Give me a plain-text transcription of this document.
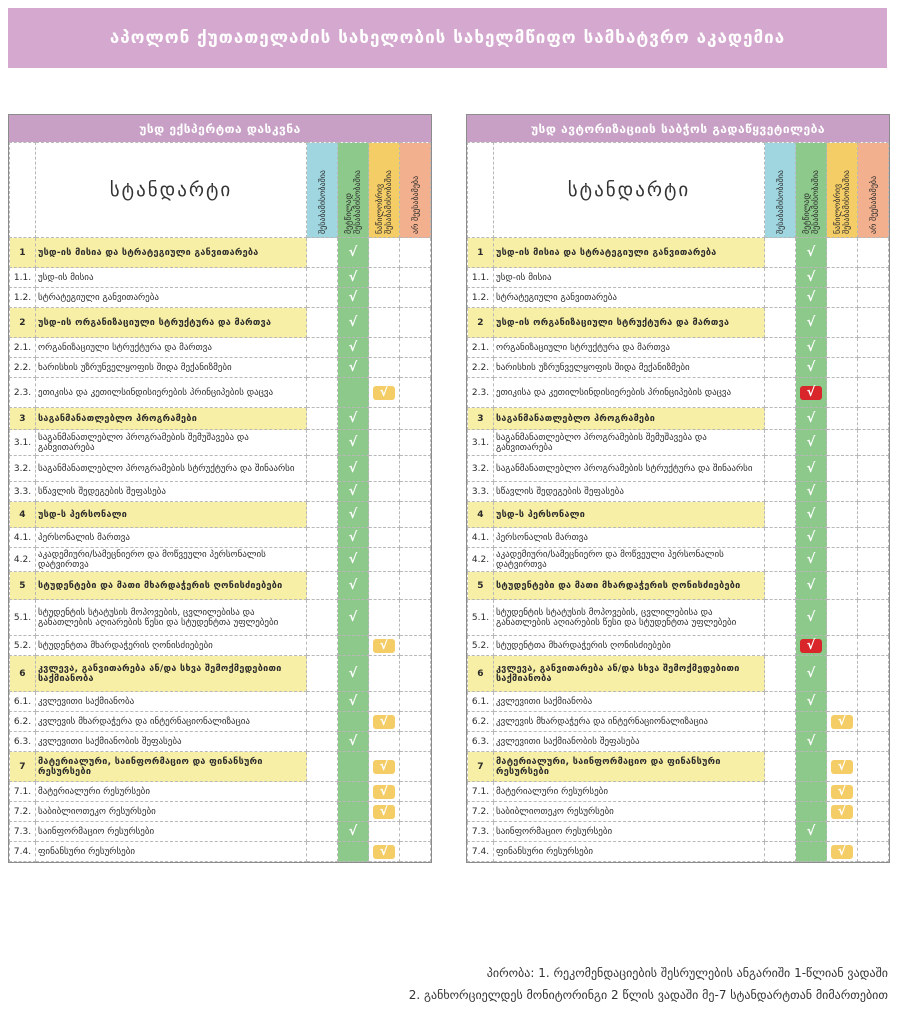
აპოლონ ქუთათელაძის სახელობის სახელმწიფო სამხატვრო აკადემია
უსდ ექსპერტთა დასკვნა
	სტანდარტი	შესაბამისობაშია	მეტწილად შესაბამისობაშია	ნაწილობრივ შესაბამისობაშია	არ შეესაბამება

1	უსდ-ის მისია და სტრატეგიული განვითარება		√		
1.1.	უსდ-ის მისია		√		
1.2.	სტრატეგიული განვითარება		√		
2	უსდ-ის ორგანიზაციული სტრუქტურა და მართვა		√		
2.1.	ორგანიზაციული სტრუქტურა და მართვა		√		
2.2.	ხარისხის უზრუნველყოფის შიდა მექანიზმები		√		
2.3.	ეთიკისა და კეთილსინდისიერების პრინციპების დაცვა			√	
3	საგანმანათლებლო პროგრამები		√		
3.1.	საგანმანათლებლო პროგრამების შემუშავება და განვითარება		√		
3.2.	საგანმანათლებლო პროგრამების სტრუქტურა და შინაარსი		√		
3.3.	სწავლის შედეგების შეფასება		√		
4	უსდ-ს პერსონალი		√		
4.1.	პერსონალის მართვა		√		
4.2.	აკადემიური/სამეცნიერო და მოწვეული პერსონალის დატვირთვა		√		
5	სტუდენტები და მათი მხარდაჭერის ღონისძიებები		√		
5.1.	სტუდენტის სტატუსის მოპოვების, ცვლილებისა და განათლების აღიარების წესი და სტუდენტთა უფლებები		√		
5.2.	სტუდენტთა მხარდაჭერის ღონისძიებები			√	
6	კვლევა, განვითარება ან/და სხვა შემოქმედებითი საქმიანობა		√		
6.1.	კვლევითი საქმიანობა		√		
6.2.	კვლევის მხარდაჭერა და ინტერნაციონალიზაცია			√	
6.3.	კვლევითი საქმიანობის შეფასება		√		
7	მატერიალური, საინფორმაციო და ფინანსური რესურსები			√	
7.1.	მატერიალური რესურსები			√	
7.2.	საბიბლიოთეკო რესურსები			√	
7.3.	საინფორმაციო რესურსები		√		
7.4.	ფინანსური რესურსები			√	
უსდ ავტორიზაციის საბჭოს გადაწყვეტილება
	სტანდარტი	შესაბამისობაშია	მეტწილად შესაბამისობაშია	ნაწილობრივ შესაბამისობაშია	არ შეესაბამება

1	უსდ-ის მისია და სტრატეგიული განვითარება		√		
1.1.	უსდ-ის მისია		√		
1.2.	სტრატეგიული განვითარება		√		
2	უსდ-ის ორგანიზაციული სტრუქტურა და მართვა		√		
2.1.	ორგანიზაციული სტრუქტურა და მართვა		√		
2.2.	ხარისხის უზრუნველყოფის შიდა მექანიზმები		√		
2.3.	ეთიკისა და კეთილსინდისიერების პრინციპების დაცვა		√		
3	საგანმანათლებლო პროგრამები		√		
3.1.	საგანმანათლებლო პროგრამების შემუშავება და განვითარება		√		
3.2.	საგანმანათლებლო პროგრამების სტრუქტურა და შინაარსი		√		
3.3.	სწავლის შედეგების შეფასება		√		
4	უსდ-ს პერსონალი		√		
4.1.	პერსონალის მართვა		√		
4.2.	აკადემიური/სამეცნიერო და მოწვეული პერსონალის დატვირთვა		√		
5	სტუდენტები და მათი მხარდაჭერის ღონისძიებები		√		
5.1.	სტუდენტის სტატუსის მოპოვების, ცვლილებისა და განათლების აღიარების წესი და სტუდენტთა უფლებები		√		
5.2.	სტუდენტთა მხარდაჭერის ღონისძიებები		√		
6	კვლევა, განვითარება ან/და სხვა შემოქმედებითი საქმიანობა		√		
6.1.	კვლევითი საქმიანობა		√		
6.2.	კვლევის მხარდაჭერა და ინტერნაციონალიზაცია			√	
6.3.	კვლევითი საქმიანობის შეფასება		√		
7	მატერიალური, საინფორმაციო და ფინანსური რესურსები			√	
7.1.	მატერიალური რესურსები			√	
7.2.	საბიბლიოთეკო რესურსები			√	
7.3.	საინფორმაციო რესურსები		√		
7.4.	ფინანსური რესურსები			√	
პირობა: 1. რეკომენდაციების შესრულების ანგარიში 1-წლიან ვადაში
2. განხორციელდეს მონიტორინგი 2 წლის ვადაში მე-7 სტანდარტთან მიმართებით
